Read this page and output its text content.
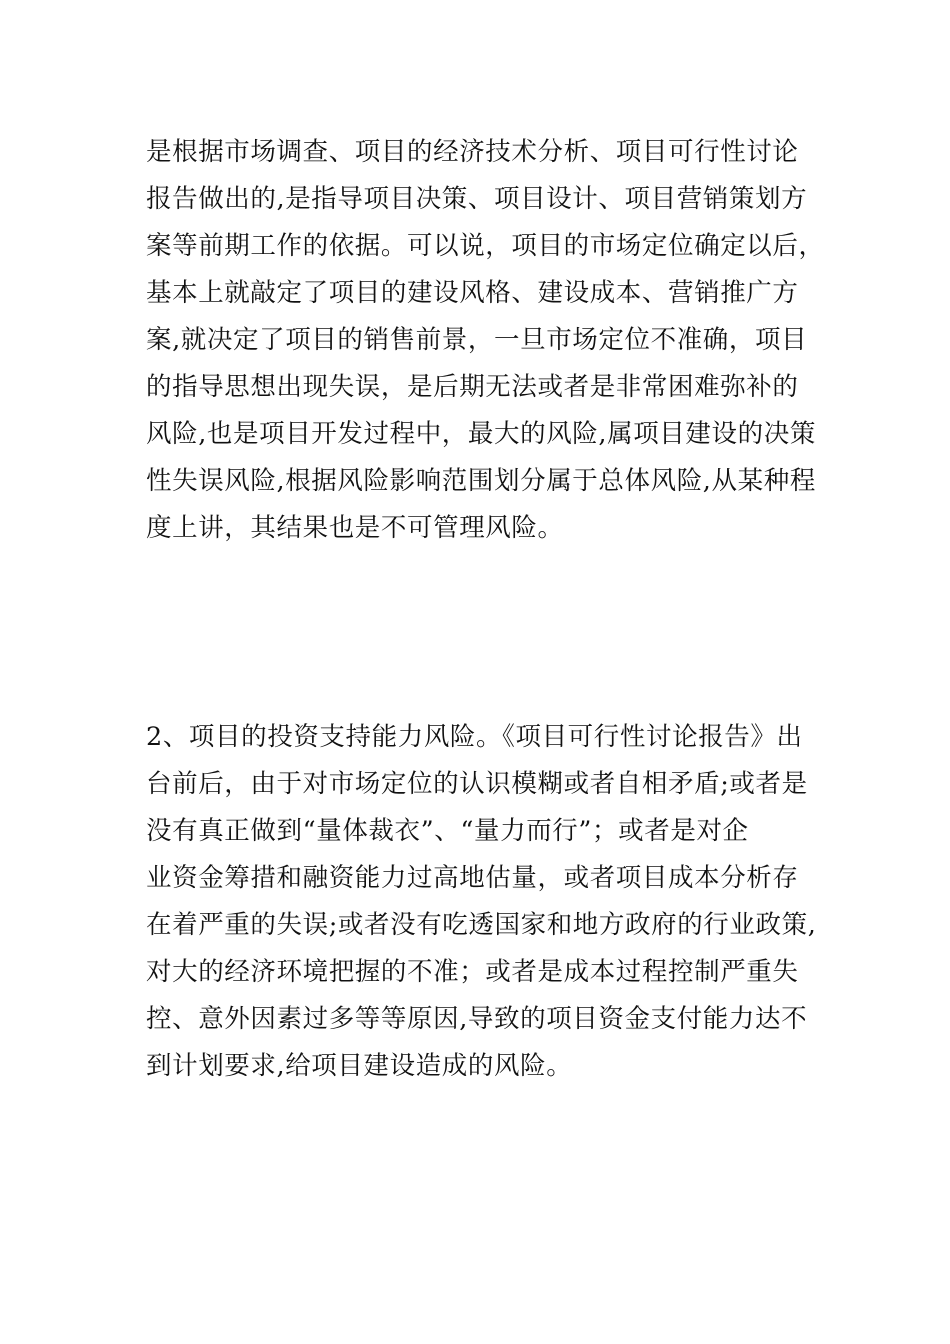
是根据市场调查、项目的经济技术分析、项目可行性讨论
报告做出的,是指导项目决策、项目设计、项目营销策划方
案等前期工作的依据。可以说，项目的市场定位确定以后，
基本上就敲定了项目的建设风格、建设成本、营销推广方
案,就决定了项目的销售前景，一旦市场定位不准确，项目
的指导思想出现失误，是后期无法或者是非常困难弥补的
风险,也是项目开发过程中，最大的风险,属项目建设的决策
性失误风险,根据风险影响范围划分属于总体风险,从某种程
度上讲，其结果也是不可管理风险。
2、项目的投资支持能力风险。《项目可行性讨论报告》出
台前后，由于对市场定位的认识模糊或者自相矛盾;或者是
没有真正做到“量体裁衣”、“量力而行”；或者是对企
业资金筹措和融资能力过高地估量，或者项目成本分析存
在着严重的失误;或者没有吃透国家和地方政府的行业政策,
对大的经济环境把握的不准；或者是成本过程控制严重失
控、意外因素过多等等原因,导致的项目资金支付能力达不
到计划要求,给项目建设造成的风险。
